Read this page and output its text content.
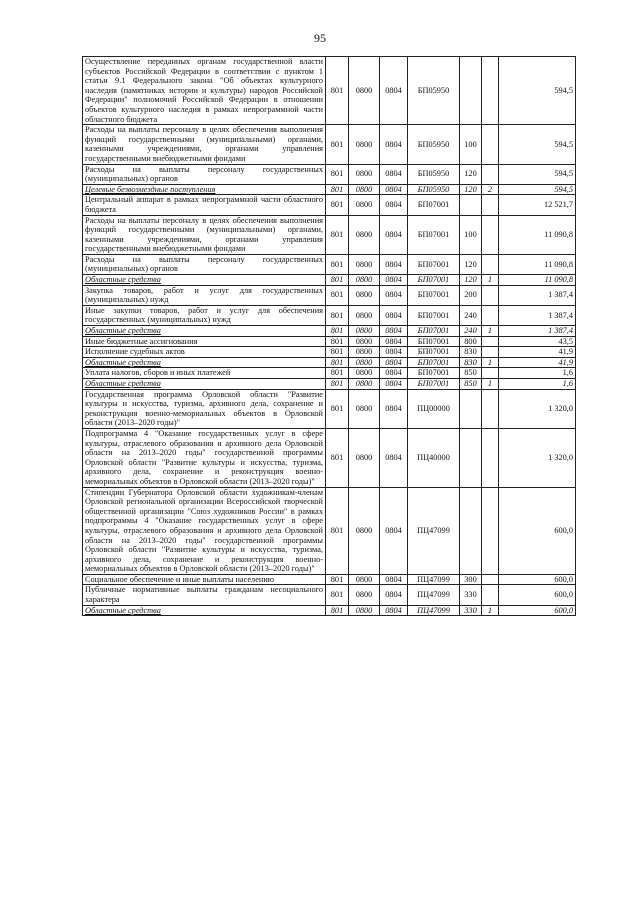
95
Осуществление переданных органам государственной власти субъектов Российской Федерации в соответствии с пунктом 1 статьи 9.1 Федерального закона "Об объектах культурного наследия (памятниках истории и культуры) народов Российской Федерации" полномочий Российской Федерации в отношении объектов культурного наследия в рамках непрограммной части областного бюджета	801	0800	0804	БП05950			594,5
Расходы на выплаты персоналу в целях обеспечения выполнения функций государственными (муниципальными) органами, казенными учреждениями, органами управления государственными внебюджетными фондами	801	0800	0804	БП05950	100		594,5
Расходы на выплаты персоналу государственных (муниципальных) органов	801	0800	0804	БП05950	120		594,5
Целевые безвозмездные поступления	801	0800	0804	БП05950	120	2	594,5
Центральный аппарат в рамках непрограммной части областного бюджета	801	0800	0804	БП07001			12 521,7
Расходы на выплаты персоналу в целях обеспечения выполнения функций государственными (муниципальными) органами, казенными учреждениями, органами управления государственными внебюджетными фондами	801	0800	0804	БП07001	100		11 090,8
Расходы на выплаты персоналу государственных (муниципальных) органов	801	0800	0804	БП07001	120		11 090,8
Областные средства	801	0800	0804	БП07001	120	1	11 090,8
Закупка товаров, работ и услуг для государственных (муниципальных) нужд	801	0800	0804	БП07001	200		1 387,4
Иные закупки товаров, работ и услуг для обеспечения государственных (муниципальных) нужд	801	0800	0804	БП07001	240		1 387,4
Областные средства	801	0800	0804	БП07001	240	1	1 387,4
Иные бюджетные ассигнования	801	0800	0804	БП07001	800		43,5
Исполнение судебных актов	801	0800	0804	БП07001	830		41,9
Областные средства	801	0800	0804	БП07001	830	1	41,9
Уплата налогов, сборов и иных платежей	801	0800	0804	БП07001	850		1,6
Областные средства	801	0800	0804	БП07001	850	1	1,6
Государственная программа Орловской области "Развитие культуры и искусства, туризма, архивного дела, сохранение и реконструкция военно-мемориальных объектов в Орловской области (2013–2020 годы)"	801	0800	0804	ПЦ00000			1 320,0
Подпрограмма 4 "Оказание государственных услуг в сфере культуры, отраслевого образования и архивного дела Орловской области на 2013–2020 годы" государственной программы Орловской области "Развитие культуры и искусства, туризма, архивного дела, сохранение и реконструкция военно-мемориальных объектов в Орловской области (2013–2020 годы)"	801	0800	0804	ПЦ40000			1 320,0
Стипендии Губернатора Орловской области художникам-членам Орловской региональной организации Всероссийской творческой общественной организации "Союз художников России" в рамках подпрограммы 4 "Оказание государственных услуг в сфере культуры, отраслевого образования и архивного дела Орловской области на 2013–2020 годы" государственной программы Орловской области "Развитие культуры и искусства, туризма, архивного дела, сохранение и реконструкция военно-мемориальных объектов в Орловской области (2013–2020 годы)"	801	0800	0804	ПЦ47099			600,0
Социальное обеспечение и иные выплаты населению	801	0800	0804	ПЦ47099	300		600,0
Публичные нормативные выплаты гражданам несоциального характера	801	0800	0804	ПЦ47099	330		600,0
Областные средства	801	0800	0804	ПЦ47099	330	1	600,0
